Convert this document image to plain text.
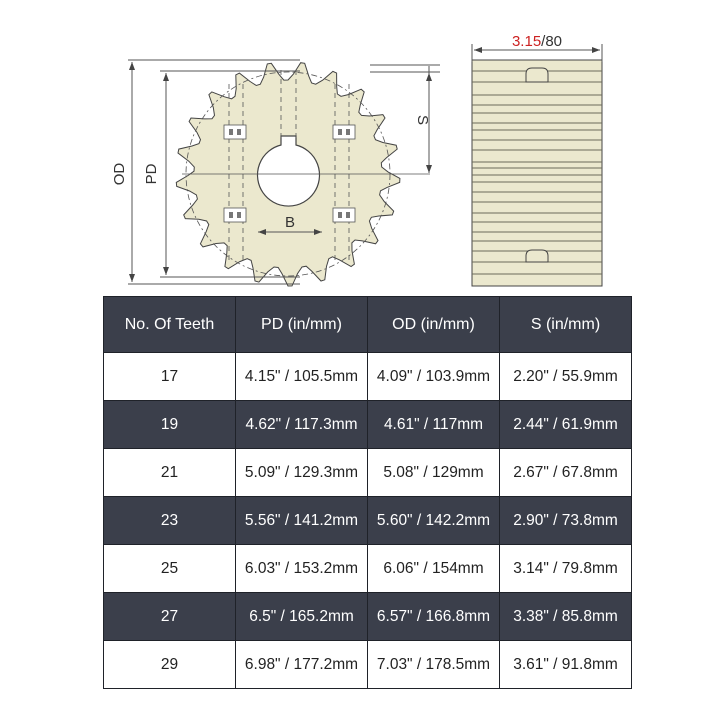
OD PD
S
B
3.15/80
No. Of Teeth	PD (in/mm)	OD (in/mm)	S (in/mm)
17	4.15" / 105.5mm	4.09" / 103.9mm	2.20" / 55.9mm
19	4.62" / 117.3mm	4.61" / 117mm	2.44" / 61.9mm
21	5.09" / 129.3mm	5.08" / 129mm	2.67" / 67.8mm
23	5.56" / 141.2mm	5.60" / 142.2mm	2.90" / 73.8mm
25	6.03" / 153.2mm	6.06" / 154mm	3.14" / 79.8mm
27	6.5" / 165.2mm	6.57" / 166.8mm	3.38" / 85.8mm
29	6.98" / 177.2mm	7.03" / 178.5mm	3.61" / 91.8mm
